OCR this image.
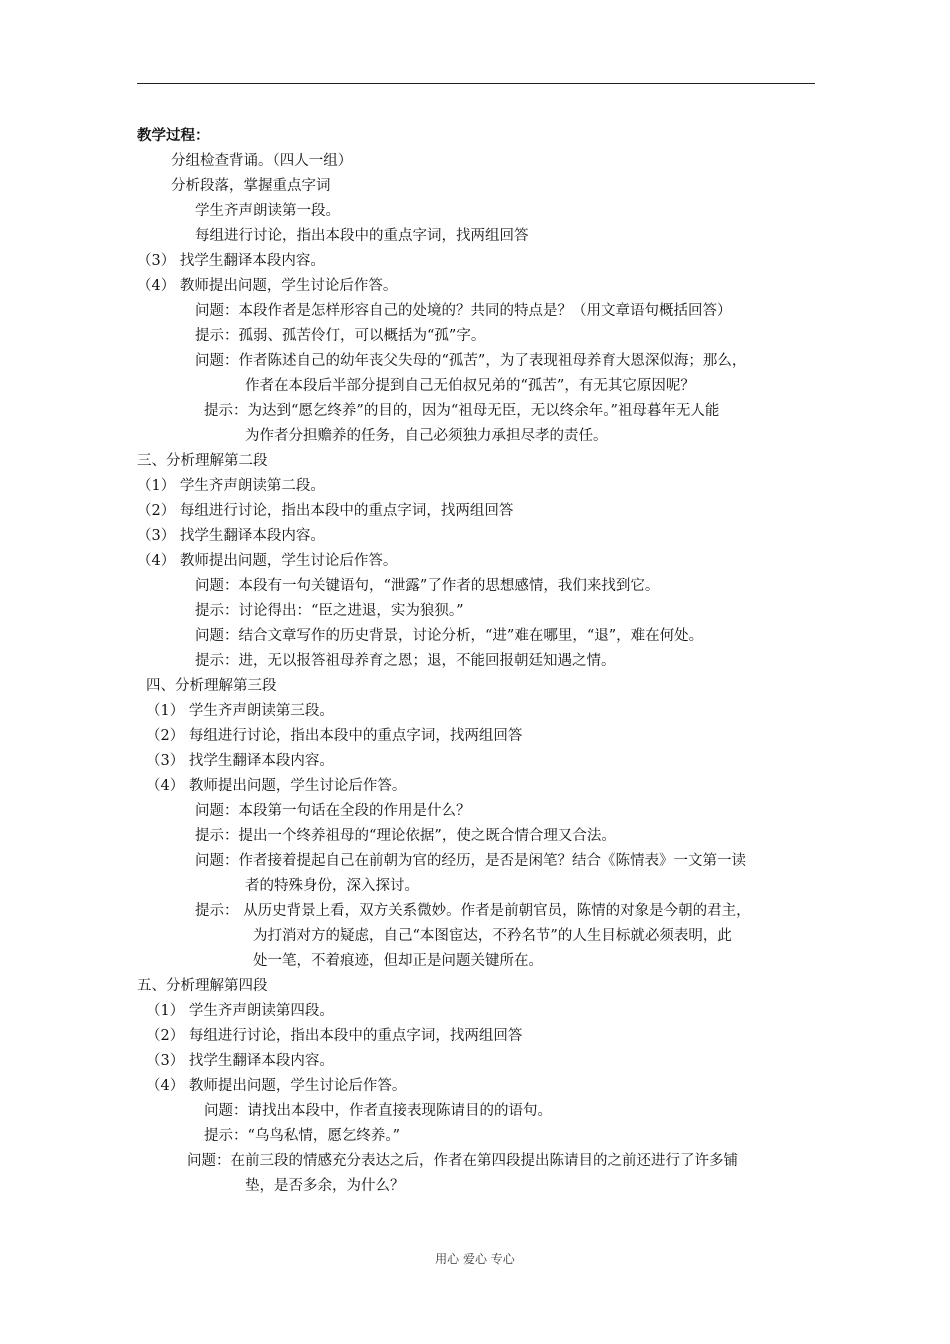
教学过程：
分组检查背诵。（四人一组）
分析段落，掌握重点字词
学生齐声朗读第一段。
每组进行讨论，指出本段中的重点字词，找两组回答
（3） 找学生翻译本段内容。
（4） 教师提出问题，学生讨论后作答。
问题：本段作者是怎样形容自己的处境的？共同的特点是？（用文章语句概括回答）
提示：孤弱、孤苦伶仃，可以概括为“孤”字。
问题：作者陈述自己的幼年丧父失母的“孤苦”，为了表现祖母养育大恩深似海；那么，
作者在本段后半部分提到自己无伯叔兄弟的“孤苦”，有无其它原因呢？
提示：为达到“愿乞终养”的目的，因为“祖母无臣，无以终余年。”祖母暮年无人能
为作者分担赡养的任务，自己必须独力承担尽孝的责任。
三、分析理解第二段
（1） 学生齐声朗读第二段。
（2） 每组进行讨论，指出本段中的重点字词，找两组回答
（3） 找学生翻译本段内容。
（4） 教师提出问题，学生讨论后作答。
问题：本段有一句关键语句，“泄露”了作者的思想感情，我们来找到它。
提示：讨论得出：“臣之进退，实为狼狈。”
问题：结合文章写作的历史背景，讨论分析，“进”难在哪里，“退”，难在何处。
提示：进，无以报答祖母养育之恩；退，不能回报朝廷知遇之情。
四、分析理解第三段
（1） 学生齐声朗读第三段。
（2） 每组进行讨论，指出本段中的重点字词，找两组回答
（3） 找学生翻译本段内容。
（4） 教师提出问题，学生讨论后作答。
问题：本段第一句话在全段的作用是什么？
提示：提出一个终养祖母的“理论依据”，使之既合情合理又合法。
问题：作者接着提起自己在前朝为官的经历，是否是闲笔？结合《陈情表》一文第一读
者的特殊身份，深入探讨。
提示： 从历史背景上看，双方关系微妙。作者是前朝官员，陈情的对象是今朝的君主，
为打消对方的疑虑，自己“本图宦达，不矜名节”的人生目标就必须表明，此
处一笔，不着痕迹，但却正是问题关键所在。
五、分析理解第四段
（1） 学生齐声朗读第四段。
（2） 每组进行讨论，指出本段中的重点字词，找两组回答
（3） 找学生翻译本段内容。
（4） 教师提出问题，学生讨论后作答。
问题：请找出本段中，作者直接表现陈请目的的语句。
提示：“乌鸟私情，愿乞终养。”
问题：在前三段的情感充分表达之后，作者在第四段提出陈请目的之前还进行了许多铺
垫，是否多余，为什么？
用心 爱心 专心
